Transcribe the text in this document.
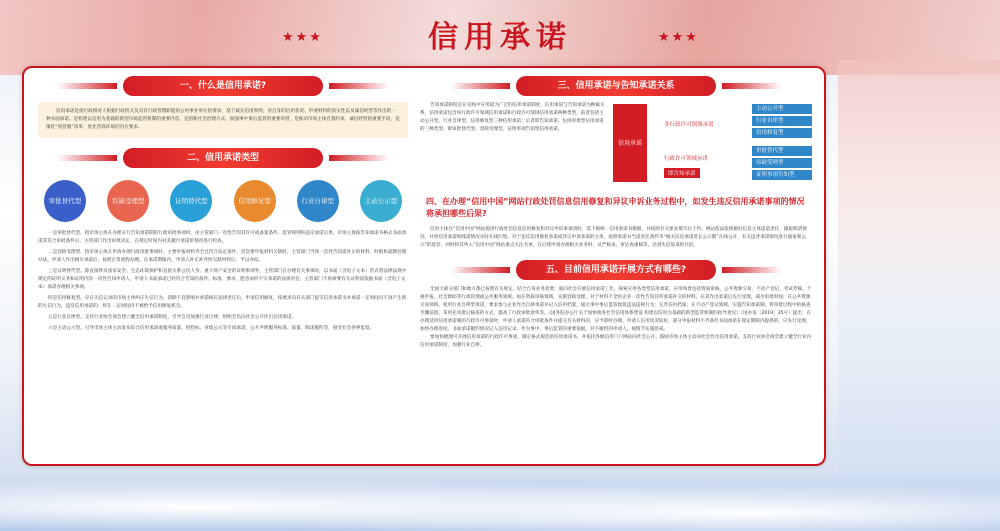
★★★	信用承诺	★★★
一、什么是信用承诺?

信用承诺是指行政相对人根据行政机关及具有行政管理职能的公用事业单位的要求，基于诚实信用原则，对自身的信用状况、申请材料的真实性以及诚信经营等作出的一种书面承诺。是构建以信用为基础的新型市场监管机制的重要内容，是创新社会治理方式、加强事中事后监管的重要举措，是推动市场主体自我约束、诚信经营的重要手段，是深化“放管服”改革、优化营商环境的内在要求。

二、信用承诺类型
审批替代型	容缺受理型	证明替代型	信用修复型	行业自律型	主动公示型

一是审批替代型。指市场主体在办理实行告知承诺制的行政审批事项时，由主管部门一次性告知其许可或备案条件、监管规则和违反承诺后果，市场主体按告知承诺书格式书面承诺其符合审批条件后，主管部门作出审批决定，在规定时间内对其履行承诺的情况进行检查。

二是容缺受理型。指市场主体在申请办理行政审批事项时，主要申报材料齐全且符合法定条件，但次要申报材料欠缺时，主管部门当场一次性告知需补正的材料、时限和超期处理办法，申请人作出相应承诺后，按照正常流程办理。在承诺期限内，申请人补正补齐所欠缺材料后，予以办结。

三是证明替代型。除直接涉及国家安全、生态环境保护和直接关系公民人身、重大财产安全的证明事项外，主管部门在办理有关事项时，以书面（含电子文本）形式将法律法规中规定的证明义务和证明内容一次性告知申请人，申请人书面承诺已经符合告知的条件、标准、要求，愿意承担不实承诺的法律责任，主管部门不再索要有关证明而依据书面（含电子文本）承诺办理相关事项。

四是信用修复型。存在失信记录的市场主体纠正失信行为、消除不良影响并承诺相应法律责任后，申请信用修复，按要求向有关部门提交信用承诺书并承诺一定时间内不再产生新的失信行为，违反信用承诺的，将在一定时间内不被给予信用修复机会。

五是行业自律型。支持行业协会商会建立健全信用承诺制度，引导会员加强行业自律，组织会员向社会公开作出信用承诺。

六是主动公示型。引导市场主体主动发布综合信用承诺或服务质量、招投标、业绩公示等专项承诺，公开声明服务标准、质量、践诺履约等，接受社会各界监督。

三、信用承诺与告知承诺关系
告知承诺制度是在实践中应用最为广泛的信用承诺制度，信用承诺与告知承诺为种属关系，信用承诺包含审行政许可领域信用承诺和行政许可领域信用承诺两种类型，前者包括主动公开型、行业自律型、信用修复型三种信用承诺；后者即告知承诺，包括审批型信用承诺的三种类型，即审批替代型、容缺受理型、证明事项告知型信用承诺。
信用承诺
非行政许可领域承诺
行政许可领域承诺
即告知承诺
主动公开型
行业自律型
信用修复型
审批替代型
容缺受理型
证明事项告知型
四、在办理“信用中国”网站行政处罚信息信用修复和异议申诉业务过程中，如发生违反信用承诺事项的情况将承担哪些后果?

信用主体在“信用中国”网站提请行政处罚信息信用修复和异议申诉事项请时，需下载统一信用承诺书模板，并按照有关要求填写后上传。网站依法依规做好信息主体违诺责任，跟踪践诺情况，并将信用承诺和践诺情况实时在线归集。对于违反信用修复承诺或异议申诉承诺的主体，按照承诺书当诺责任条件等“相关信息承诺者长公示期”在线公开，有关违背承诺情况进行通报和公示”的惩罚，同时将其列入“信用中国”网站重点关注名单，在后续申请办理相关业务时，从严核查、审访查重核等，达到失信惩戒的目的。

五、目前信用承诺开展方式有哪些?

全国大部分部门和地方都已按照有关规定，结合自身业务需要，面向社会开展信用承诺工作，探索应用各类型信用承诺，应用场景包括资质审核、公共资源交易、不动产登记、考试考核、个税申报、社会救助等行政管理或公共服务领域。如在资质审核领域，实施容缺受理，对于材料不全的企业一次性告知其所承诺补交的材料，在其作出承诺后先行受理，减少审批时间；在公共资源交易领域，使用行业自律型承诺，要求参与企业作出自律承诺并记入信用档案，通过事中事后监管敦促违法违规行为；完善信用档案；在不动产登记领域，实施告知承诺制，将审批过程中的核查步骤前置，采用先审批后核查的方式，提高了行政审批效率等。《国务院办公厅关于加快推进社会信用体系建设 构建以信用为基础的新型监管机制的指导意见》（国办发〔2019〕35号）提出：在办理适用信用承诺制的行政许可事项时，申请人承诺符合审批条件并提交有关材料的，应予即时办理。申请人信用状况较好、部分申报材料不齐备但书面承诺在规定期限内提供的，应先行受理，加快办理进度。书面承诺履约情况记入信用记录，作为事中、事后监管的重要依据，对不履约的申请人，视情节实施惩戒。

要加快梳理可开展信用承诺的行政许可事项，制定格式规范的信用承诺书，并依托各级信用门户网站向社会公开。鼓励市场主体主动向社会作出信用承诺。支持行业协会商会建立健全行业内信用承诺制度，加强行业自律。
